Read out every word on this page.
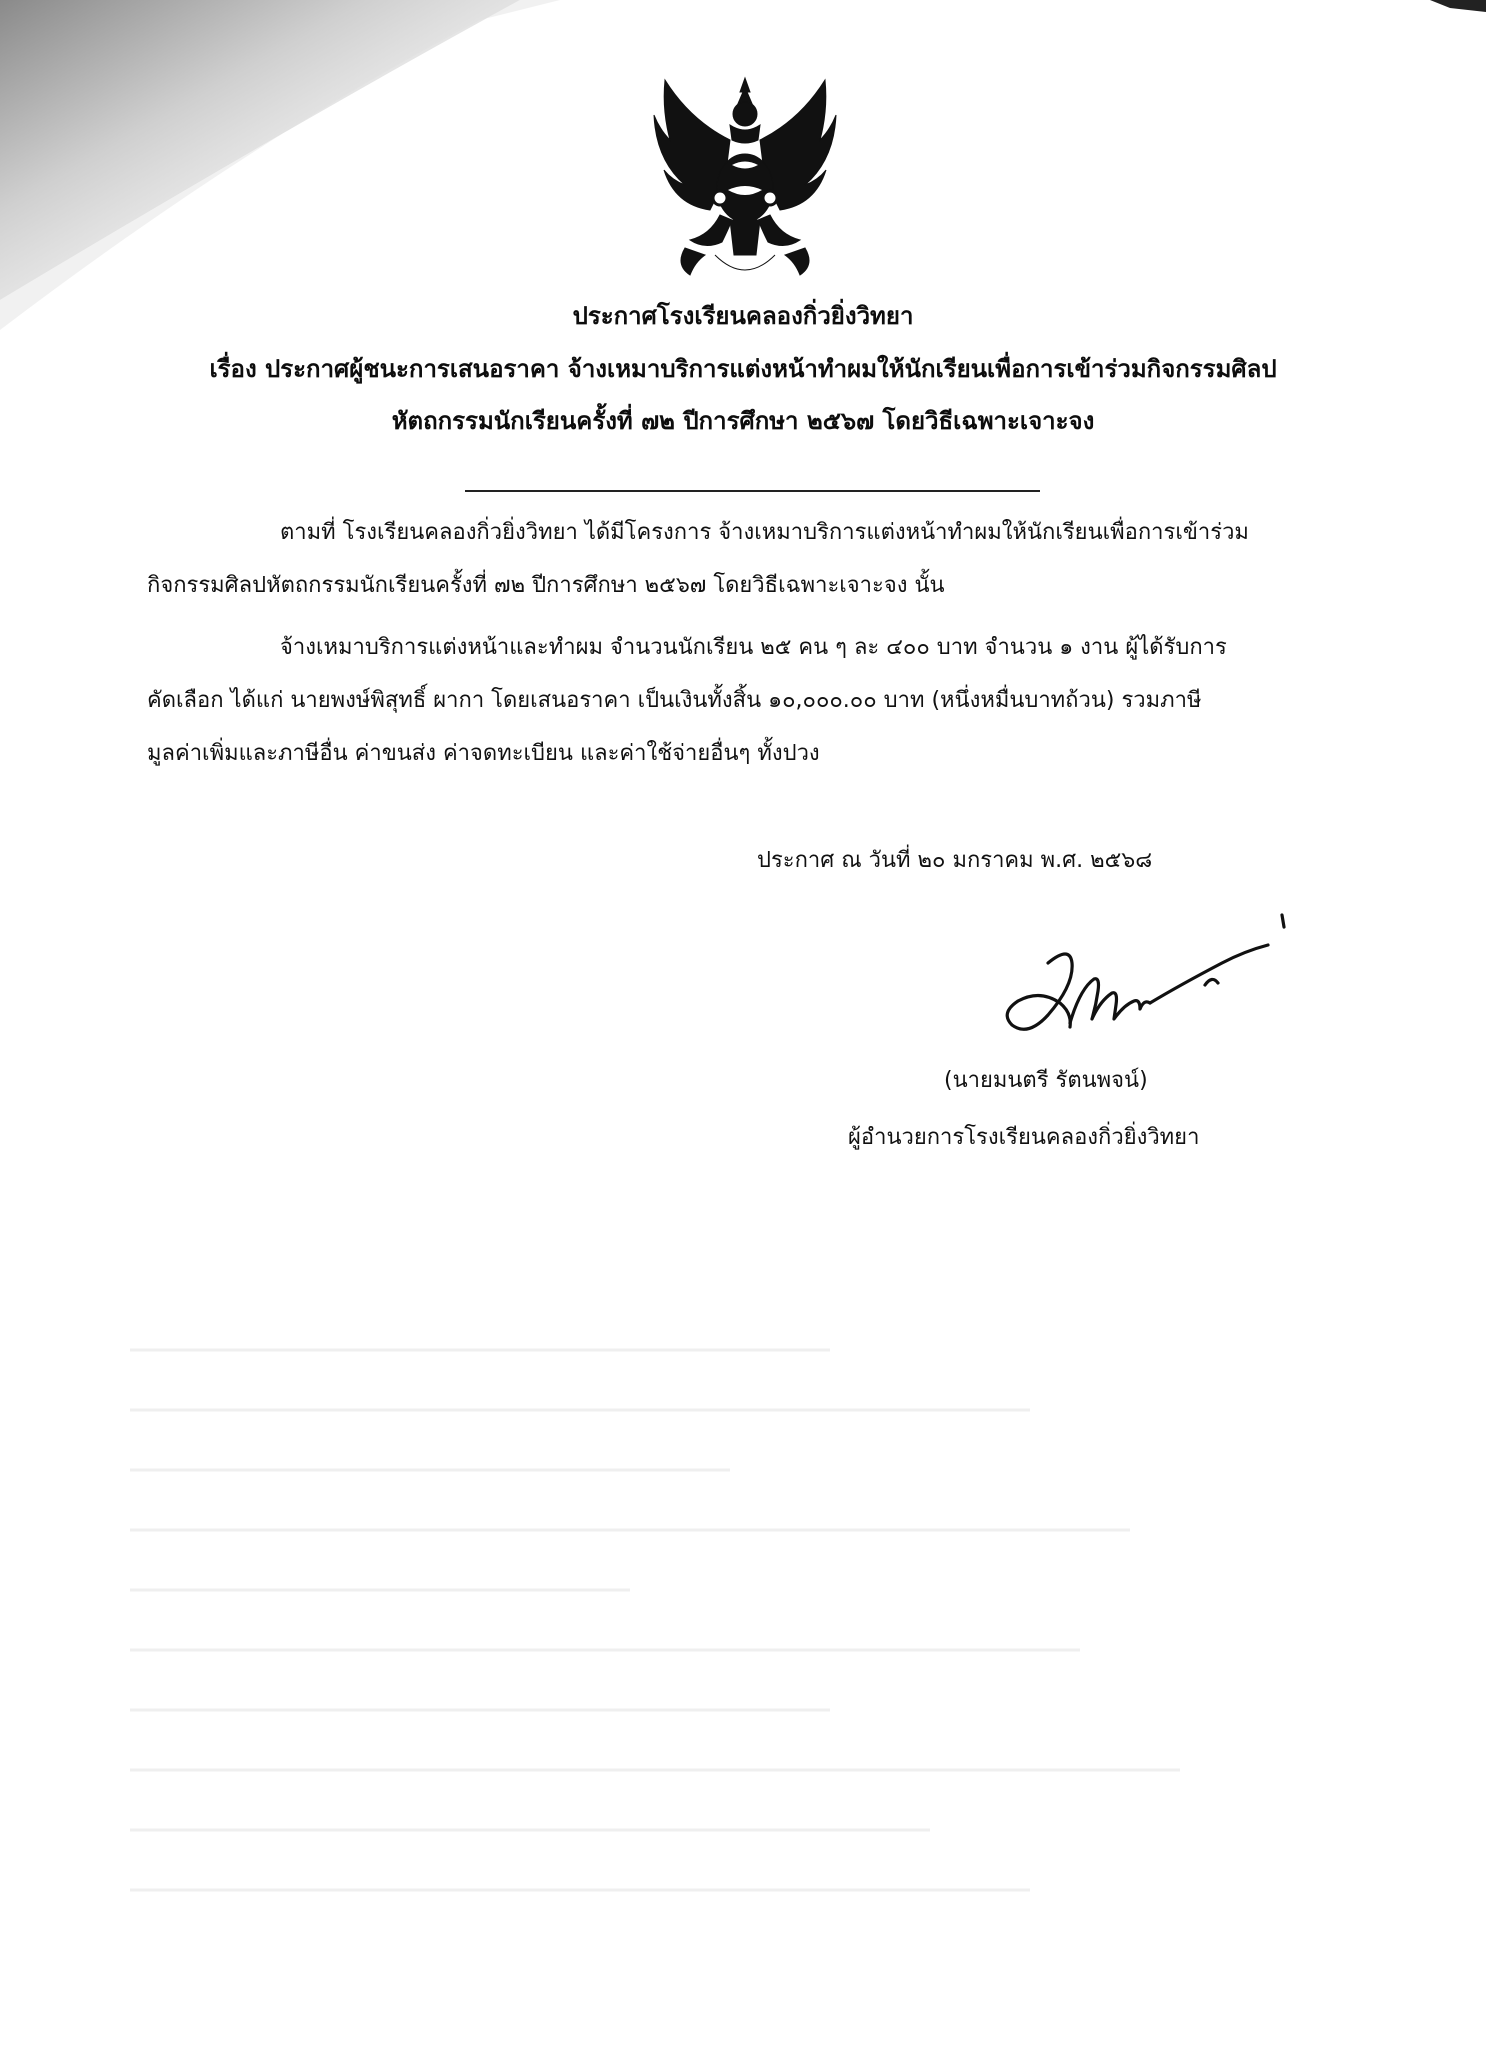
ประกาศโรงเรียนคลองกิ่วยิ่งวิทยา
เรื่อง ประกาศผู้ชนะการเสนอราคา จ้างเหมาบริการแต่งหน้าทำผมให้นักเรียนเพื่อการเข้าร่วมกิจกรรมศิลป
หัตถกรรมนักเรียนครั้งที่ ๗๒ ปีการศึกษา ๒๕๖๗ โดยวิธีเฉพาะเจาะจง
ตามที่ โรงเรียนคลองกิ่วยิ่งวิทยา ได้มีโครงการ จ้างเหมาบริการแต่งหน้าทำผมให้นักเรียนเพื่อการเข้าร่วม
กิจกรรมศิลปหัตถกรรมนักเรียนครั้งที่ ๗๒ ปีการศึกษา ๒๕๖๗ โดยวิธีเฉพาะเจาะจง นั้น
จ้างเหมาบริการแต่งหน้าและทำผม จำนวนนักเรียน ๒๕ คน ๆ ละ ๔๐๐ บาท จำนวน ๑ งาน ผู้ได้รับการ
คัดเลือก ได้แก่ นายพงษ์พิสุทธิ์ ผากา โดยเสนอราคา เป็นเงินทั้งสิ้น ๑๐,๐๐๐.๐๐ บาท (หนึ่งหมื่นบาทถ้วน) รวมภาษี
มูลค่าเพิ่มและภาษีอื่น ค่าขนส่ง ค่าจดทะเบียน และค่าใช้จ่ายอื่นๆ ทั้งปวง
ประกาศ ณ วันที่ ๒๐ มกราคม พ.ศ. ๒๕๖๘
(นายมนตรี รัตนพจน์)
ผู้อำนวยการโรงเรียนคลองกิ่วยิ่งวิทยา
